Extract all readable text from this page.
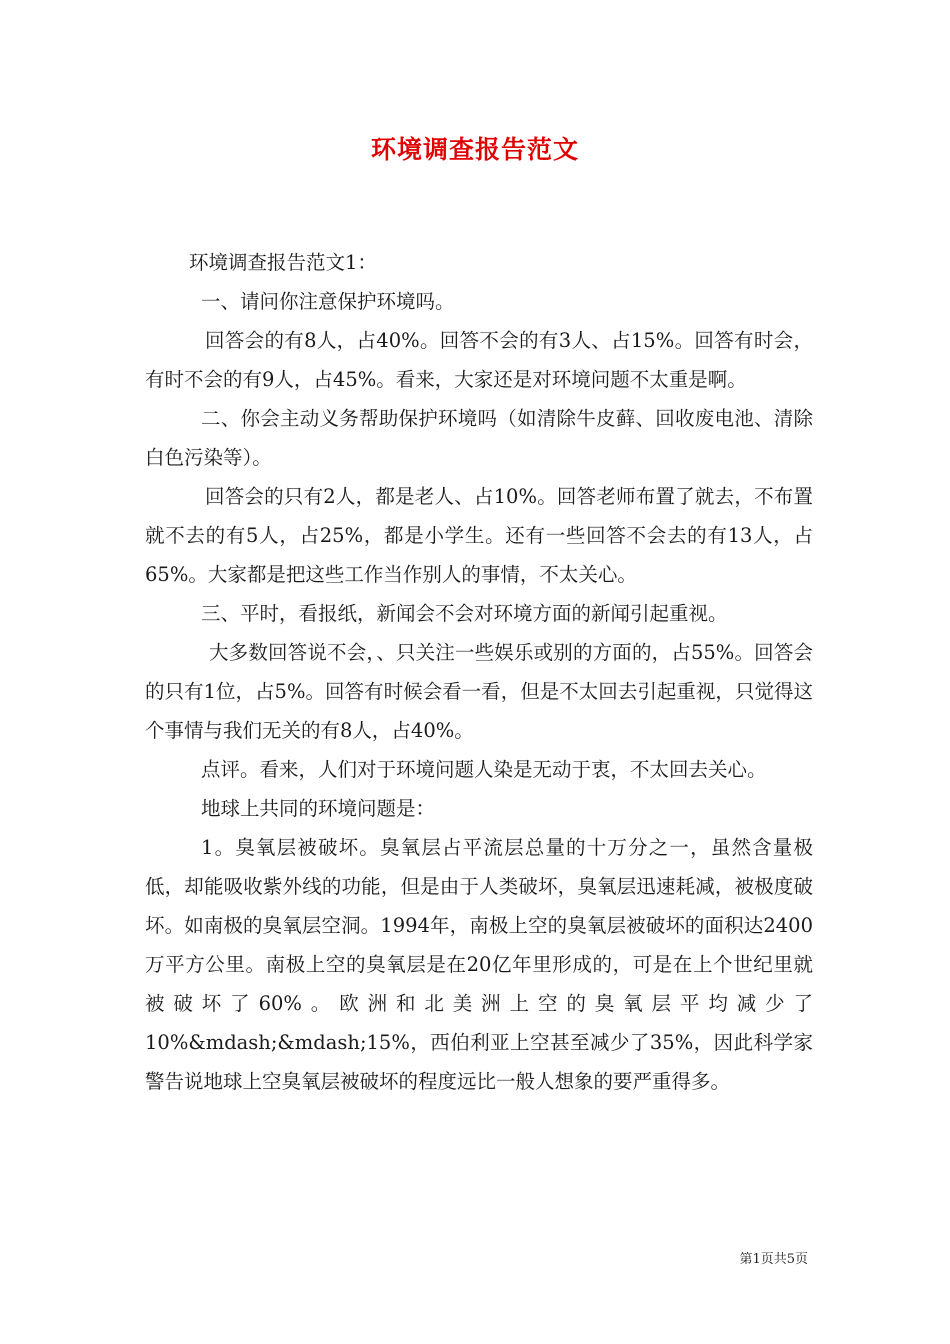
环境调查报告范文

环境调查报告范文1：

一、请问你注意保护环境吗。

回答会的有8人，占40%。回答不会的有3人、占15%。回答有时会，有时不会的有9人，占45%。看来，大家还是对环境问题不太重是啊。

二、你会主动义务帮助保护环境吗（如清除牛皮藓、回收废电池、清除白色污染等）。

回答会的只有2人，都是老人、占10%。回答老师布置了就去，不布置就不去的有5人，占25%，都是小学生。还有一些回答不会去的有13人，占65%。大家都是把这些工作当作别人的事情，不太关心。

三、平时，看报纸，新闻会不会对环境方面的新闻引起重视。

大多数回答说不会，、只关注一些娱乐或别的方面的，占55%。回答会的只有1位，占5%。回答有时候会看一看，但是不太回去引起重视，只觉得这个事情与我们无关的有8人，占40%。

点评。看来，人们对于环境问题人染是无动于衷，不太回去关心。

地球上共同的环境问题是：

1。臭氧层被破坏。臭氧层占平流层总量的十万分之一，虽然含量极低，却能吸收紫外线的功能，但是由于人类破坏，臭氧层迅速耗减，被极度破坏。如南极的臭氧层空洞。1994年，南极上空的臭氧层被破坏的面积达2400万平方公里。南极上空的臭氧层是在20亿年里形成的，可是在上个世纪里就被破坏了60%。欧洲和北美洲上空的臭氧层平均减少了10%&mdash;&mdash;15%，西伯利亚上空甚至减少了35%，因此科学家警告说地球上空臭氧层被破坏的程度远比一般人想象的要严重得多。

第1页共5页
